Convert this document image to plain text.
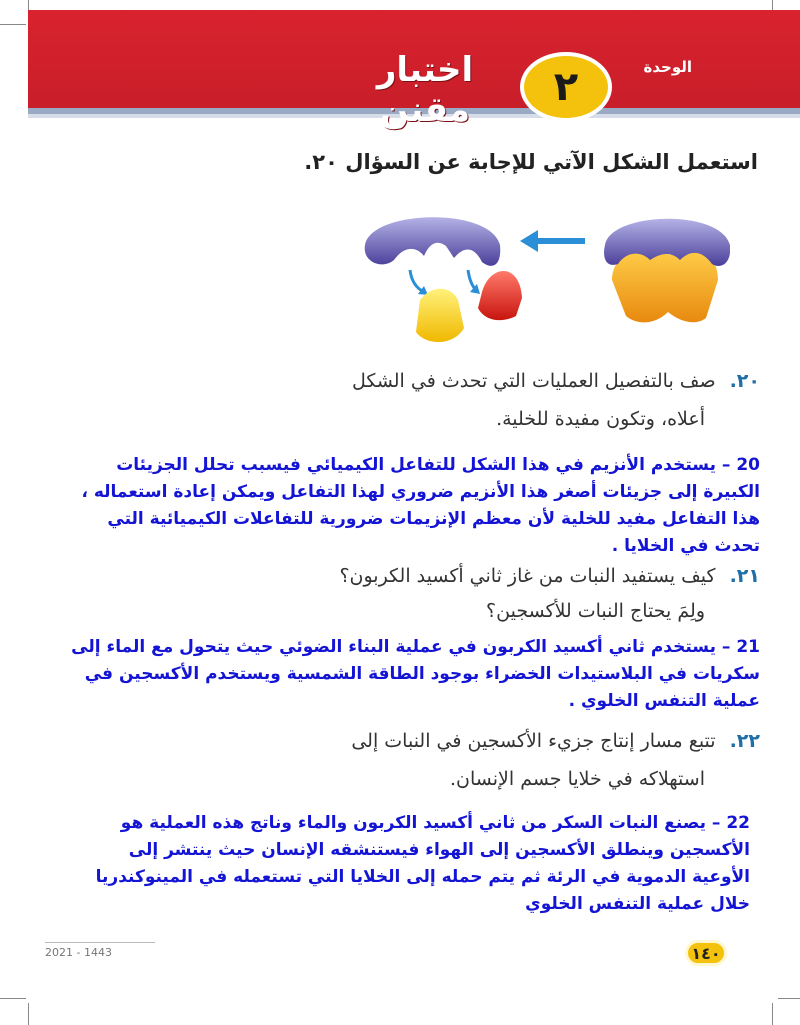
الوحدة
٢
اختبار مقنن
استعمل الشكل الآتي للإجابة عن السؤال ٢٠.
٢٠.صف بالتفصيل العمليات التي تحدث في الشكل
أعلاه، وتكون مفيدة للخلية.
20 – يستخدم الأنزيم في هذا الشكل للتفاعل الكيميائي فيسبب تحلل الجزيئات الكبيرة إلى جزيئات أصغر هذا الأنزيم ضروري لهذا التفاعل ويمكن إعادة استعماله ، هذا التفاعل مفيد للخلية لأن معظم الإنزيمات ضرورية للتفاعلات الكيميائية التي تحدث في الخلايا .
٢١.كيف يستفيد النبات من غاز ثاني أكسيد الكربون؟
ولِمَ يحتاج النبات للأكسجين؟
21 – يستخدم ثاني أكسيد الكربون في عملية البناء الضوئي حيث يتحول مع الماء إلى سكريات في البلاستيدات الخضراء بوجود الطاقة الشمسية ويستخدم الأكسجين في عملية التنفس الخلوي .
٢٢.تتبع مسار إنتاج جزيء الأكسجين في النبات إلى
استهلاكه في خلايا جسم الإنسان.
22 – يصنع النبات السكر من ثاني أكسيد الكربون والماء وناتج هذه العملية هو الأكسجين وينطلق الأكسجين إلى الهواء فيستنشقه الإنسان حيث ينتشر إلى الأوعية الدموية في الرئة ثم يتم حمله إلى الخلايا التي تستعمله في المينوكندريا خلال عملية التنفس الخلوي
2021 - 1443	١٤٠
